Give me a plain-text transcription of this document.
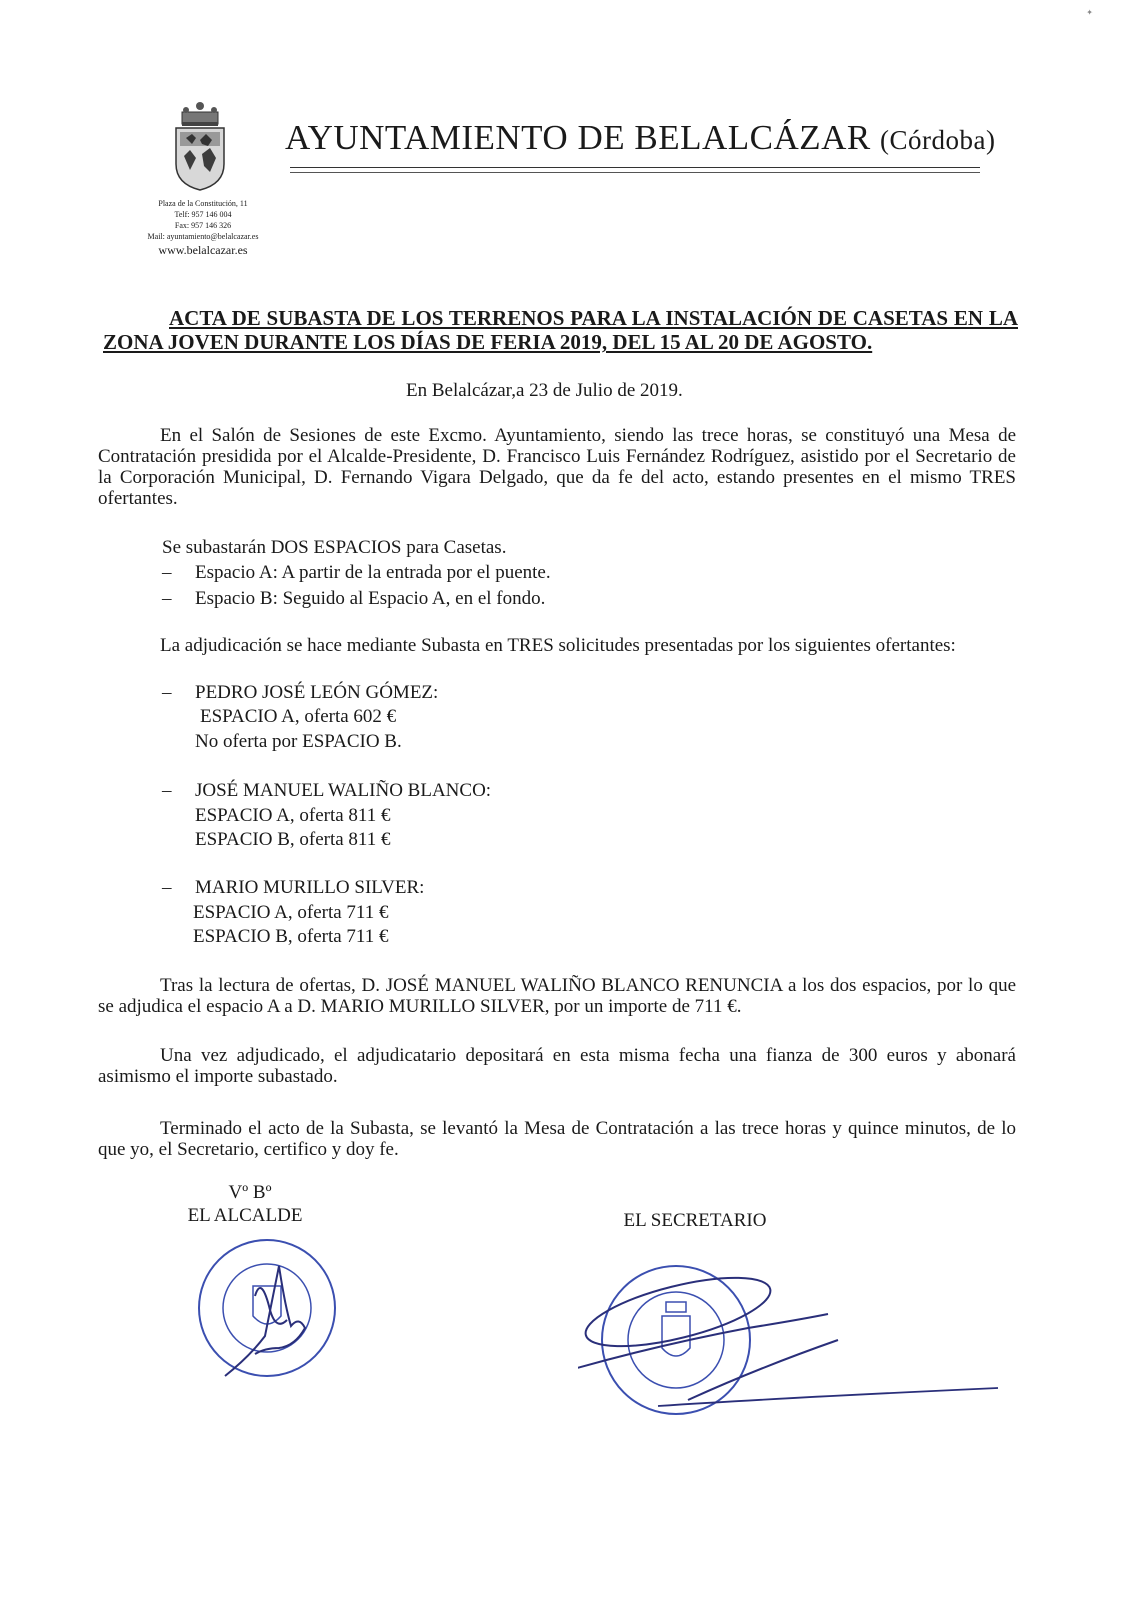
Plaza de la Constitución, 11
Telf: 957 146 004
Fax: 957 146 326
Mail: ayuntamiento@belalcazar.es
www.belalcazar.es
AYUNTAMIENTO DE BELALCÁZAR (Córdoba)
ACTA DE SUBASTA DE LOS TERRENOS PARA LA INSTALACIÓN DE CASETAS EN LA ZONA JOVEN DURANTE LOS DÍAS DE FERIA 2019, DEL 15 AL 20 DE AGOSTO.
En Belalcázar,a 23 de Julio de 2019.
En el Salón de Sesiones de este Excmo. Ayuntamiento, siendo las trece horas, se constituyó una Mesa de Contratación presidida por el Alcalde-Presidente, D. Francisco Luis Fernández Rodríguez, asistido por el Secretario de la Corporación Municipal, D. Fernando Vigara Delgado, que da fe del acto, estando presentes en el mismo TRES ofertantes.
Se subastarán DOS ESPACIOS para Casetas.
– Espacio A: A partir de la entrada por el puente.
– Espacio B: Seguido al Espacio A, en el fondo.
La adjudicación se hace mediante Subasta en TRES solicitudes presentadas por los siguientes ofertantes:
– PEDRO JOSÉ LEÓN GÓMEZ:
ESPACIO A, oferta 602 €
No oferta por ESPACIO B.
– JOSÉ MANUEL WALIÑO BLANCO:
ESPACIO A, oferta 811 €
ESPACIO B, oferta 811 €
– MARIO MURILLO SILVER:
ESPACIO A, oferta 711 €
ESPACIO B, oferta 711 €
Tras la lectura de ofertas, D. JOSÉ MANUEL WALIÑO BLANCO RENUNCIA a los dos espacios, por lo que se adjudica el espacio A a D. MARIO MURILLO SILVER, por un importe de 711 €.
Una vez adjudicado, el adjudicatario depositará en esta misma fecha una fianza de 300 euros y abonará asimismo el importe subastado.
Terminado el acto de la Subasta, se levantó la Mesa de Contratación a las trece horas y quince minutos, de lo que yo, el Secretario, certifico y doy fe.
Vº Bº
EL ALCALDE	EL SECRETARIO
✦
